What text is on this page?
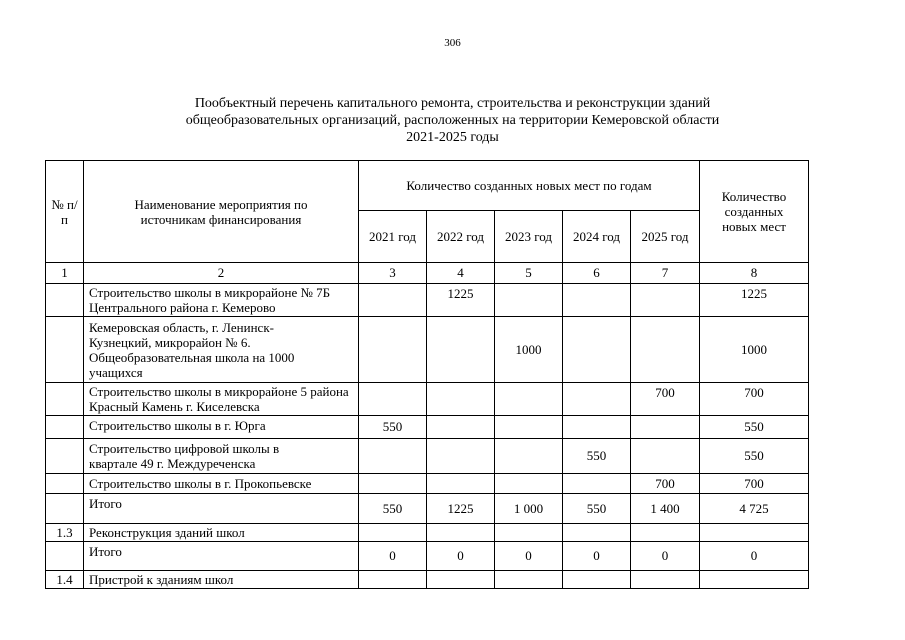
306
Пообъектный перечень капитального ремонта, строительства и реконструкции зданий
общеобразовательных организаций, расположенных на территории Кемеровской области
2021-2025 годы
№ п/п	Наименование мероприятия по источникам финансирования	Количество созданных новых мест по годам					Количество созданных новых мест
		2021 год	2022 год	2023 год	2024 год	2025 год	
1	2	3	4	5	6	7	8
	Строительство школы в микрорайоне № 7Б Центрального района г. Кемерово		1225				1225
	Кемеровская область, г. Ленинск-Кузнецкий, микрорайон № 6. Общеобразовательная школа на 1000 учащихся			1000			1000
	Строительство школы в микрорайоне 5 района Красный Камень г. Киселевска					700	700
	Строительство школы в г. Юрга	550					550
	Строительство цифровой школы в квартале 49 г. Междуреченска				550		550
	Строительство школы в г. Прокопьевске					700	700
	Итого	550	1225	1 000	550	1 400	4 725
1.3	Реконструкция зданий школ						
	Итого	0	0	0	0	0	0
1.4	Пристрой к зданиям школ						
